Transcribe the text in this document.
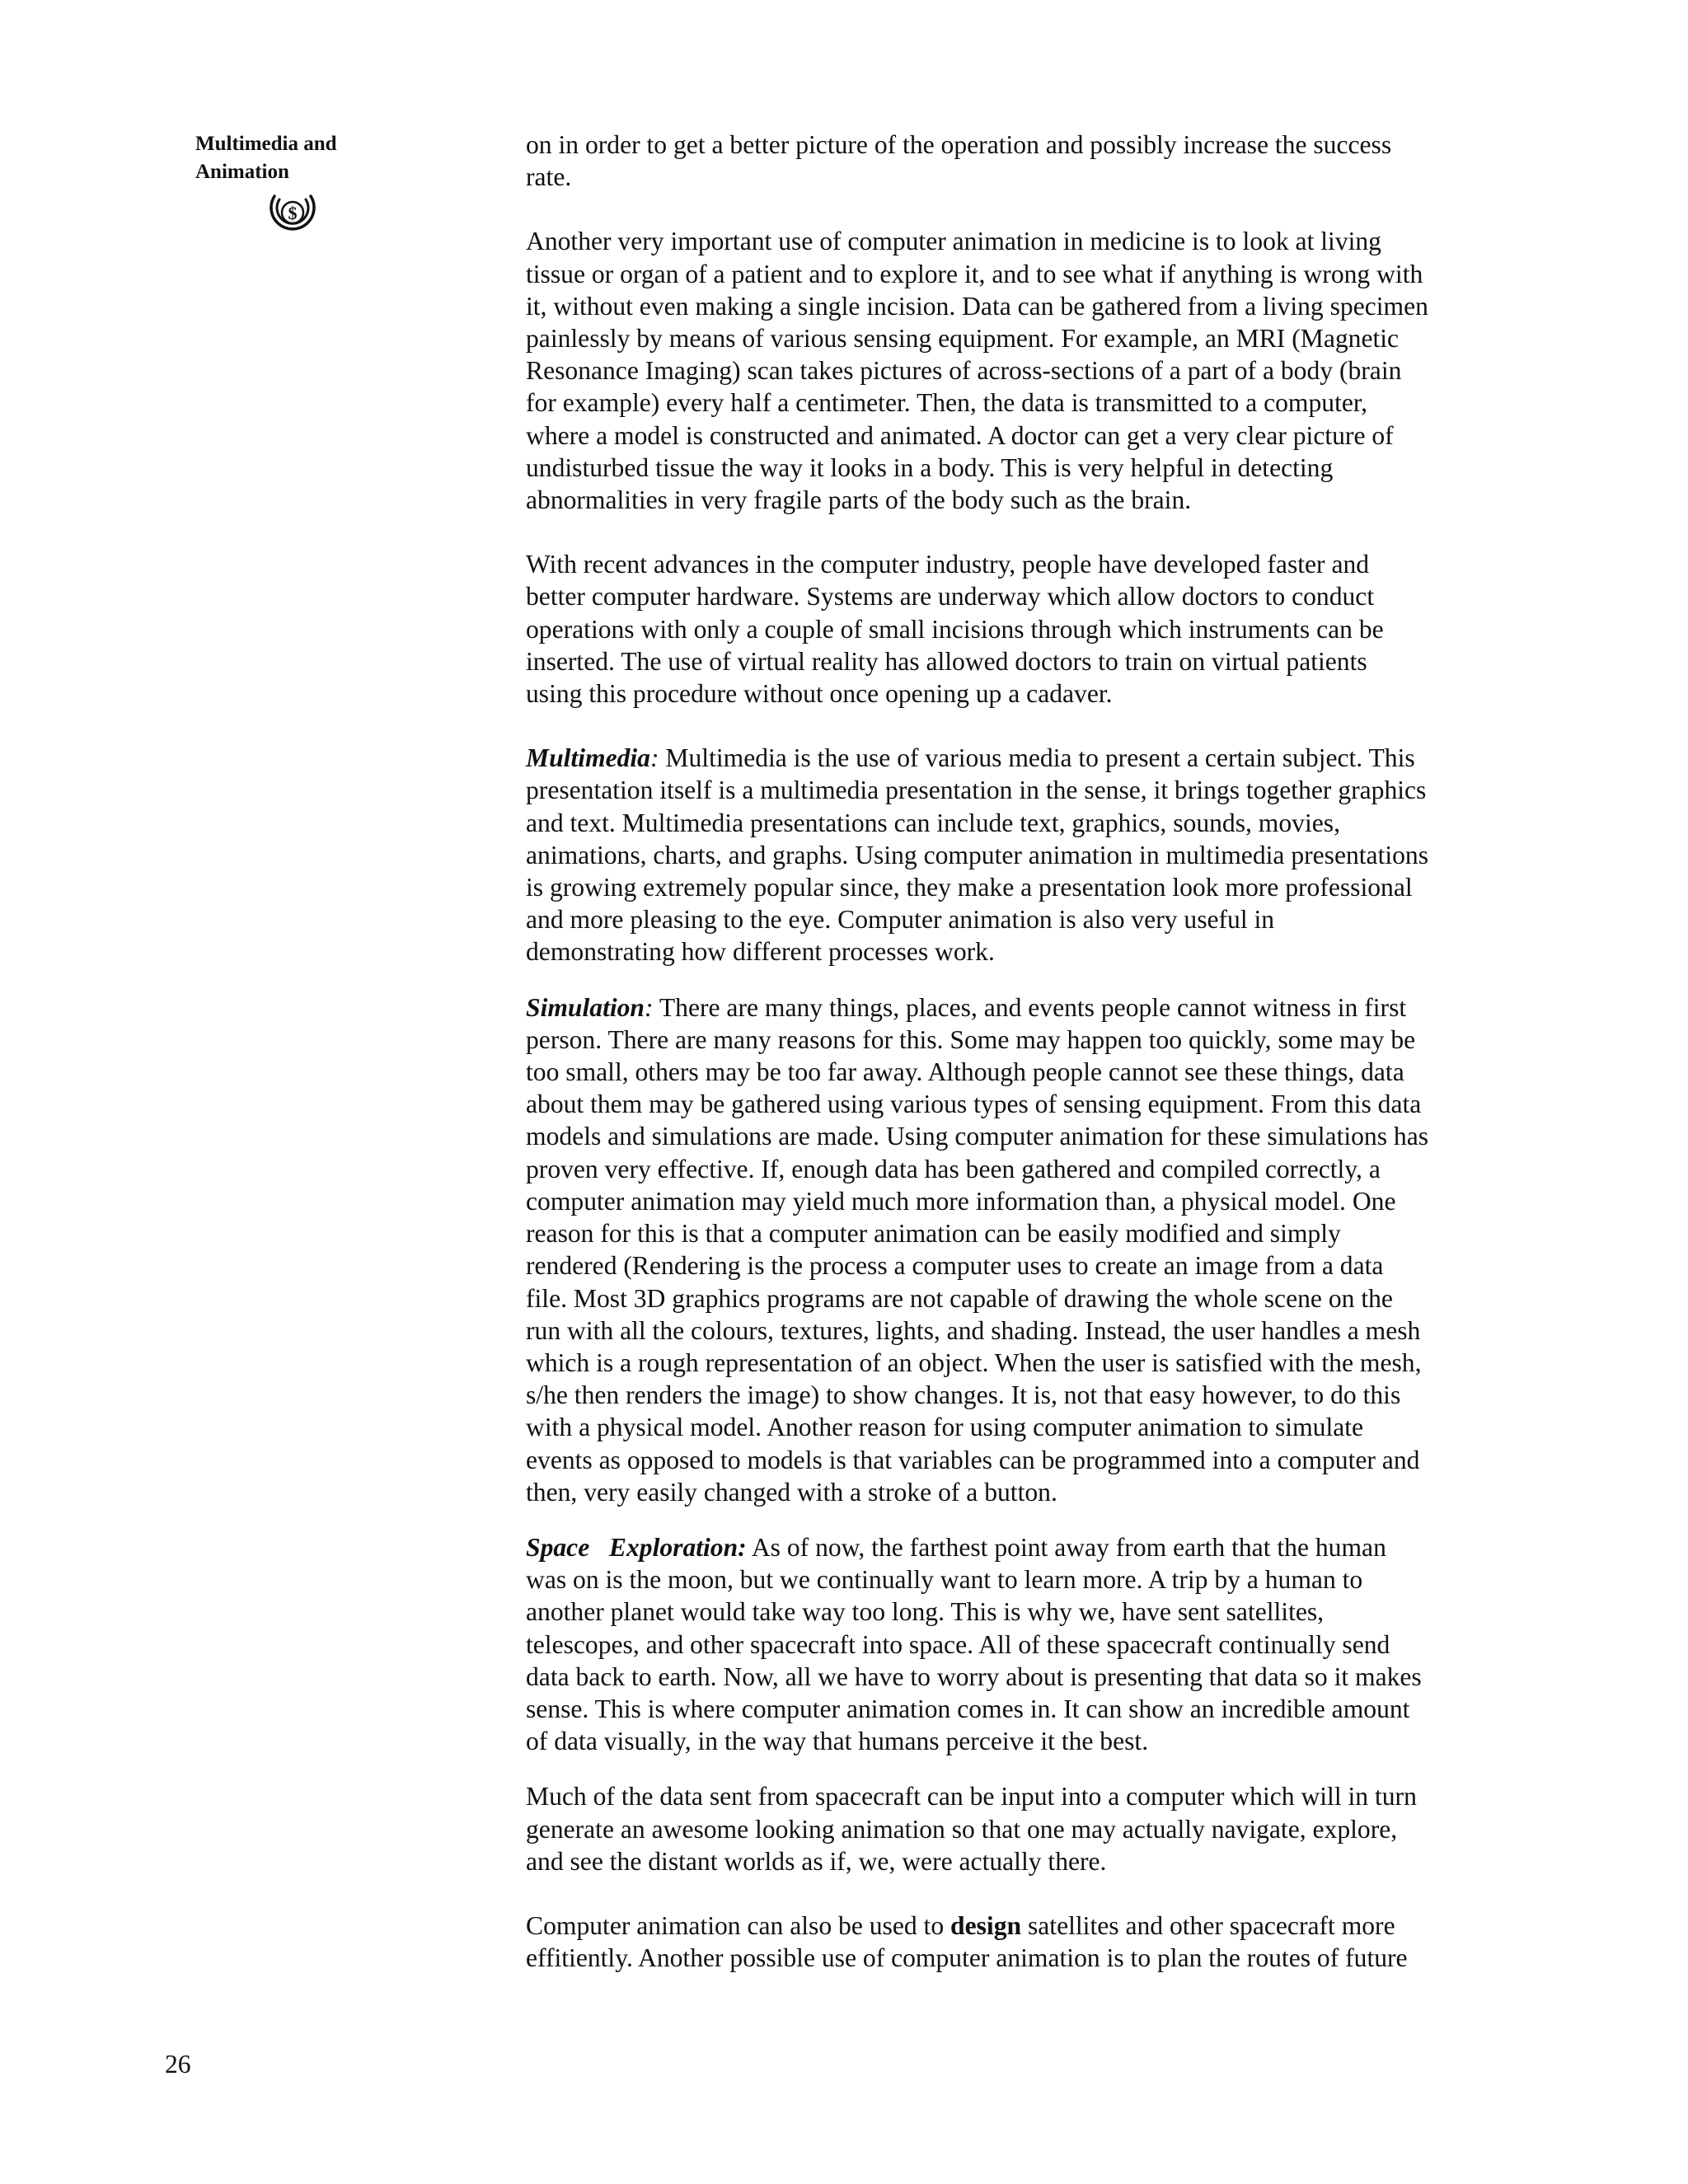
Multimedia and
Animation
$

on in order to get a better picture of the operation and possibly increase the success
rate.

Another very important use of computer animation in medicine is to look at living
tissue or organ of a patient and to explore it, and to see what if anything is wrong with
it, without even making a single incision. Data can be gathered from a living specimen
painlessly by means of various sensing equipment. For example, an MRI (Magnetic
Resonance Imaging) scan takes pictures of across-sections of a part of a body (brain
for example) every half a centimeter. Then, the data is transmitted to a computer,
where a model is constructed and animated. A doctor can get a very clear picture of
undisturbed tissue the way it looks in a body. This is very helpful in detecting
abnormalities in very fragile parts of the body such as the brain.

With recent advances in the computer industry, people have developed faster and
better computer hardware. Systems are underway which allow doctors to conduct
operations with only a couple of small incisions through which instruments can be
inserted. The use of virtual reality has allowed doctors to train on virtual patients
using this procedure without once opening up a cadaver.

Multimedia: Multimedia is the use of various media to present a certain subject. This
presentation itself is a multimedia presentation in the sense, it brings together graphics
and text. Multimedia presentations can include text, graphics, sounds, movies,
animations, charts, and graphs. Using computer animation in multimedia presentations
is growing extremely popular since, they make a presentation look more professional
and more pleasing to the eye. Computer animation is also very useful in
demonstrating how different processes work.

Simulation: There are many things, places, and events people cannot witness in first
person. There are many reasons for this. Some may happen too quickly, some may be
too small, others may be too far away. Although people cannot see these things, data
about them may be gathered using various types of sensing equipment. From this data
models and simulations are made. Using computer animation for these simulations has
proven very effective. If, enough data has been gathered and compiled correctly, a
computer animation may yield much more information than, a physical model. One
reason for this is that a computer animation can be easily modified and simply
rendered (Rendering is the process a computer uses to create an image from a data
file. Most 3D graphics programs are not capable of drawing the whole scene on the
run with all the colours, textures, lights, and shading. Instead, the user handles a mesh
which is a rough representation of an object. When the user is satisfied with the mesh,
s/he then renders the image) to show changes. It is, not that easy however, to do this
with a physical model. Another reason for using computer animation to simulate
events as opposed to models is that variables can be programmed into a computer and
then, very easily changed with a stroke of a button.

Space   Exploration: As of now, the farthest point away from earth that the human
was on is the moon, but we continually want to learn more. A trip by a human to
another planet would take way too long. This is why we, have sent satellites,
telescopes, and other spacecraft into space. All of these spacecraft continually send
data back to earth. Now, all we have to worry about is presenting that data so it makes
sense. This is where computer animation comes in. It can show an incredible amount
of data visually, in the way that humans perceive it the best.

Much of the data sent from spacecraft can be input into a computer which will in turn
generate an awesome looking animation so that one may actually navigate, explore,
and see the distant worlds as if, we, were actually there.

Computer animation can also be used to design satellites and other spacecraft more
effitiently. Another possible use of computer animation is to plan the routes of future

26
